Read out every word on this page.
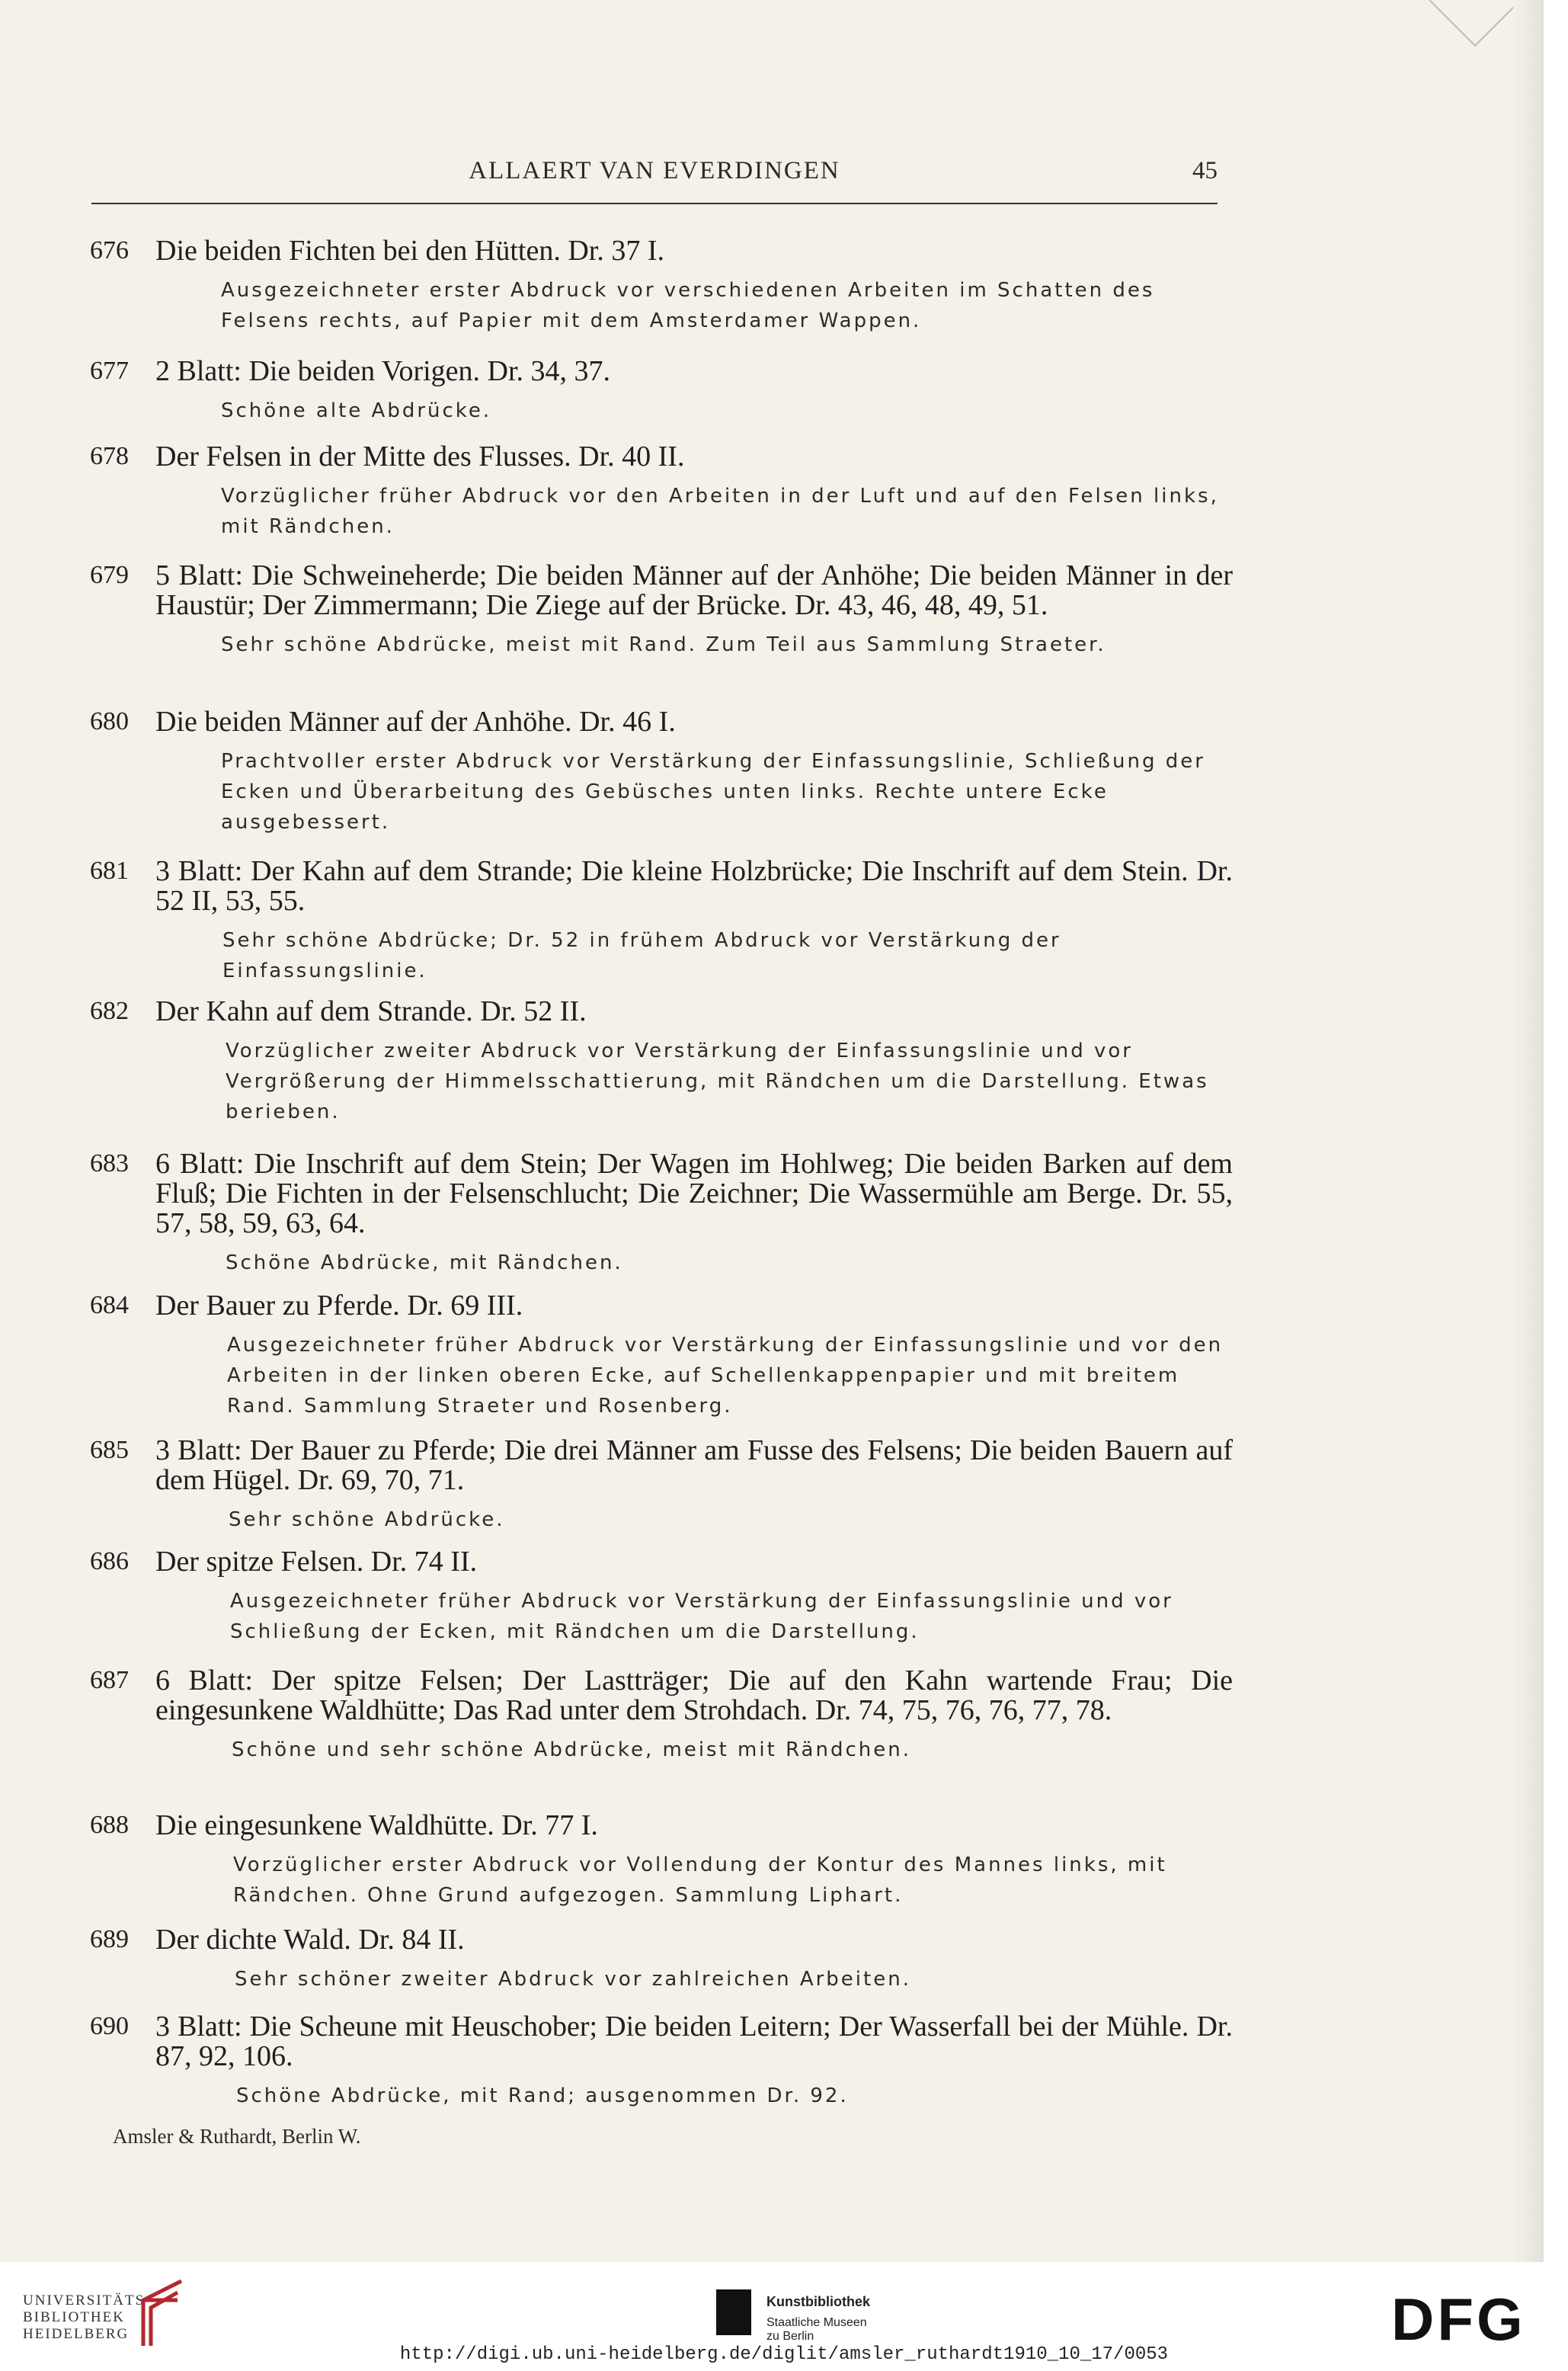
ALLAERT VAN EVERDINGEN	45
676 Die beiden Fichten bei den Hütten. Dr. 37 I.
Ausgezeichneter erster Abdruck vor verschiedenen Arbeiten im Schatten des Felsens rechts, auf Papier mit dem Amsterdamer Wappen.
677 2 Blatt: Die beiden Vorigen. Dr. 34, 37.
Schöne alte Abdrücke.
678 Der Felsen in der Mitte des Flusses. Dr. 40 II.
Vorzüglicher früher Abdruck vor den Arbeiten in der Luft und auf den Felsen links, mit Rändchen.
679 5 Blatt: Die Schweineherde; Die beiden Männer auf der Anhöhe; Die beiden Männer in der Haustür; Der Zimmermann; Die Ziege auf der Brücke. Dr. 43, 46, 48, 49, 51.
Sehr schöne Abdrücke, meist mit Rand. Zum Teil aus Sammlung Straeter.
680 Die beiden Männer auf der Anhöhe. Dr. 46 I.
Prachtvoller erster Abdruck vor Verstärkung der Einfassungslinie, Schließung der Ecken und Überarbeitung des Gebüsches unten links. Rechte untere Ecke ausgebessert.
681 3 Blatt: Der Kahn auf dem Strande; Die kleine Holzbrücke; Die Inschrift auf dem Stein. Dr. 52 II, 53, 55.
Sehr schöne Abdrücke; Dr. 52 in frühem Abdruck vor Verstärkung der Einfassungslinie.
682 Der Kahn auf dem Strande. Dr. 52 II.
Vorzüglicher zweiter Abdruck vor Verstärkung der Einfassungslinie und vor Vergrößerung der Himmelsschattierung, mit Rändchen um die Darstellung. Etwas berieben.
683 6 Blatt: Die Inschrift auf dem Stein; Der Wagen im Hohlweg; Die beiden Barken auf dem Fluß; Die Fichten in der Felsenschlucht; Die Zeichner; Die Wassermühle am Berge. Dr. 55, 57, 58, 59, 63, 64.
Schöne Abdrücke, mit Rändchen.
684 Der Bauer zu Pferde. Dr. 69 III.
Ausgezeichneter früher Abdruck vor Verstärkung der Einfassungslinie und vor den Arbeiten in der linken oberen Ecke, auf Schellenkappenpapier und mit breitem Rand. Sammlung Straeter und Rosenberg.
685 3 Blatt: Der Bauer zu Pferde; Die drei Männer am Fusse des Felsens; Die beiden Bauern auf dem Hügel. Dr. 69, 70, 71.
Sehr schöne Abdrücke.
686 Der spitze Felsen. Dr. 74 II.
Ausgezeichneter früher Abdruck vor Verstärkung der Einfassungslinie und vor Schließung der Ecken, mit Rändchen um die Darstellung.
687 6 Blatt: Der spitze Felsen; Der Lastträger; Die auf den Kahn wartende Frau; Die eingesunkene Waldhütte; Das Rad unter dem Strohdach. Dr. 74, 75, 76, 76, 77, 78.
Schöne und sehr schöne Abdrücke, meist mit Rändchen.
688 Die eingesunkene Waldhütte. Dr. 77 I.
Vorzüglicher erster Abdruck vor Vollendung der Kontur des Mannes links, mit Rändchen. Ohne Grund aufgezogen. Sammlung Liphart.
689 Der dichte Wald. Dr. 84 II.
Sehr schöner zweiter Abdruck vor zahlreichen Arbeiten.
690 3 Blatt: Die Scheune mit Heuschober; Die beiden Leitern; Der Wasserfall bei der Mühle. Dr. 87, 92, 106.
Schöne Abdrücke, mit Rand; ausgenommen Dr. 92.
Amsler & Ruthardt, Berlin W.
UNIVERSITÄTS-
BIBLIOTHEK
HEIDELBERG
Kunstbibliothek
Staatliche Museen zu Berlin	DFG
http://digi.ub.uni-heidelberg.de/diglit/amsler_ruthardt1910_10_17/0053
